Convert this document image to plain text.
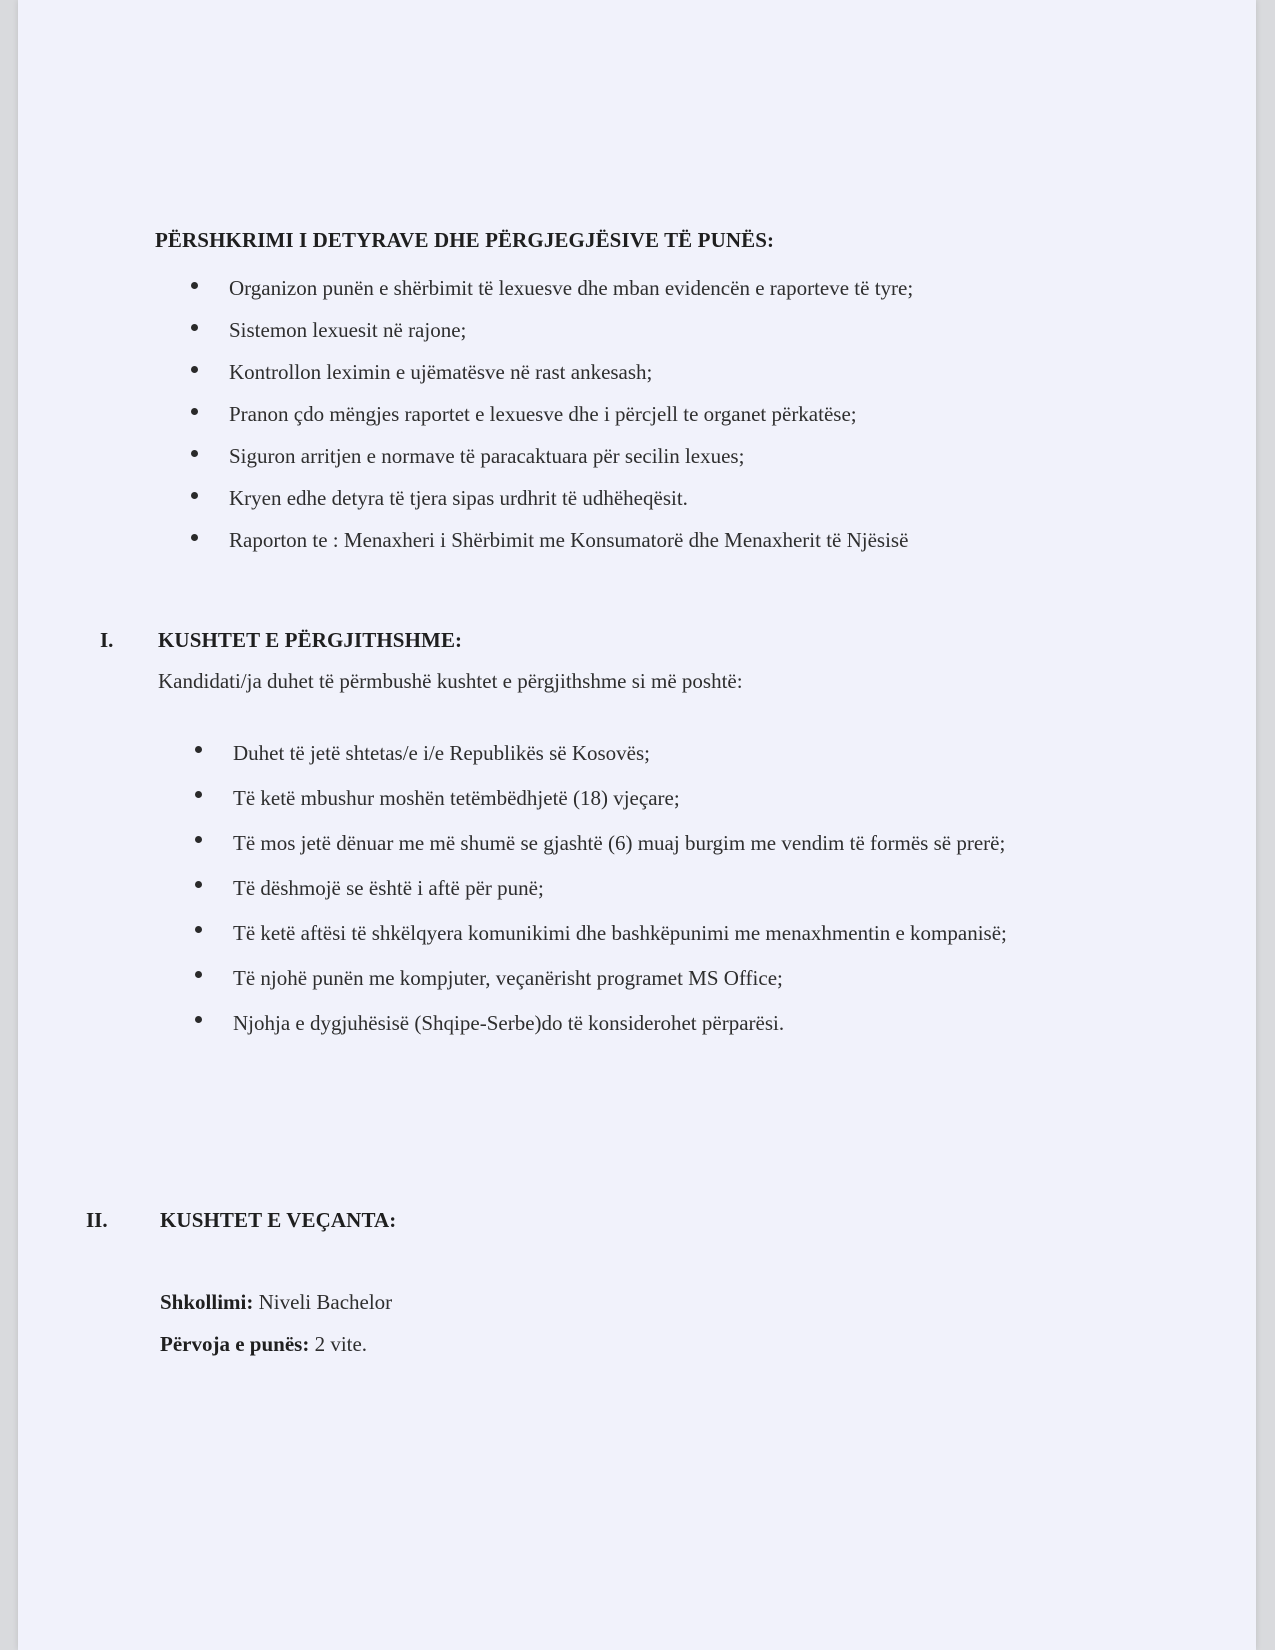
PËRSHKRIMI I DETYRAVE DHE PËRGJEGJËSIVE TË PUNËS:
Organizon punën e shërbimit të lexuesve dhe mban evidencën e raporteve të tyre;
Sistemon lexuesit në rajone;
Kontrollon leximin e ujëmatësve në rast ankesash;
Pranon çdo mëngjes raportet e lexuesve dhe i përcjell te organet përkatëse;
Siguron arritjen e normave të paracaktuara për secilin lexues;
Kryen edhe detyra të tjera sipas urdhrit të udhëheqësit.
Raporton te : Menaxheri i Shërbimit me Konsumatorë dhe Menaxherit të Njësisë
I. KUSHTET E PËRGJITHSHME:
Kandidati/ja duhet të përmbushë kushtet e përgjithshme si më poshtë:
Duhet të jetë shtetas/e i/e Republikës së Kosovës;
Të ketë mbushur moshën tetëmbëdhjetë (18) vjeçare;
Të mos jetë dënuar me më shumë se gjashtë (6) muaj burgim me vendim të formës së prerë;
Të dëshmojë se është i aftë për punë;
Të ketë aftësi të shkëlqyera komunikimi dhe bashkëpunimi me menaxhmentin e kompanisë;
Të njohë punën me kompjuter, veçanërisht programet MS Office;
Njohja e dygjuhësisë (Shqipe-Serbe)do të konsiderohet përparësi.
II. KUSHTET E VEÇANTA:
Shkollimi: Niveli Bachelor
Përvoja e punës: 2 vite.
